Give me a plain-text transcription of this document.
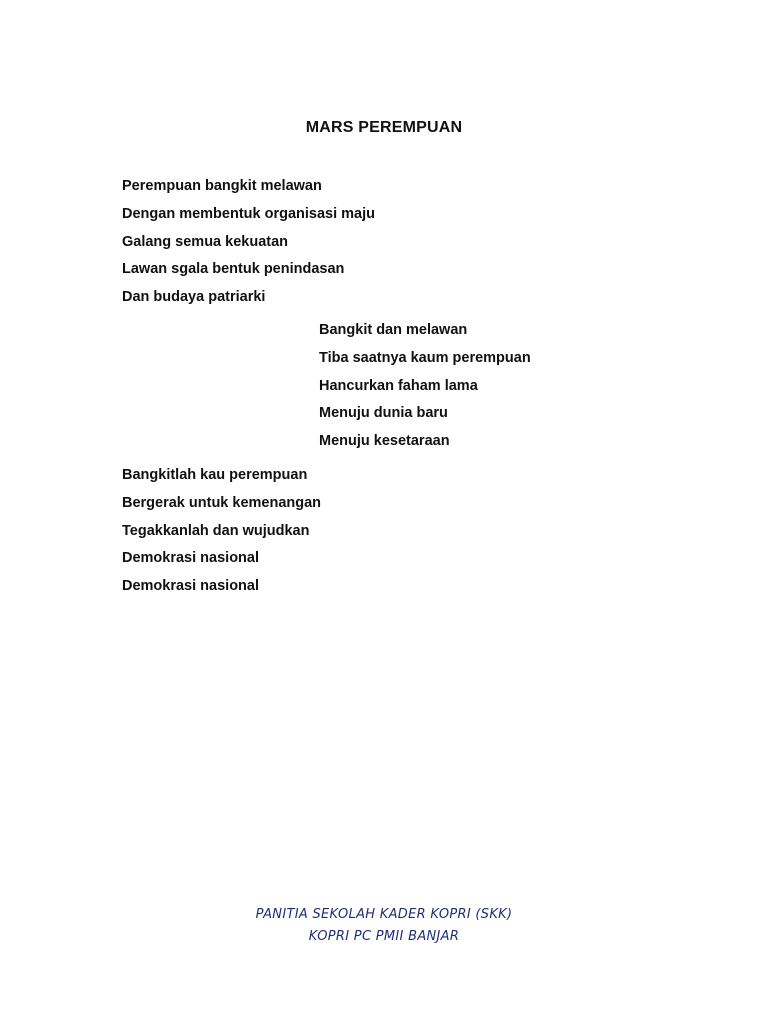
MARS PEREMPUAN
Perempuan bangkit melawan
Dengan membentuk organisasi maju
Galang semua kekuatan
Lawan sgala bentuk penindasan
Dan budaya patriarki
Bangkit dan melawan
Tiba saatnya kaum perempuan
Hancurkan faham lama
Menuju dunia baru
Menuju kesetaraan
Bangkitlah kau perempuan
Bergerak untuk kemenangan
Tegakkanlah dan wujudkan
Demokrasi nasional
Demokrasi nasional
PANITIA SEKOLAH KADER KOPRI (SKK)
KOPRI PC PMII BANJAR
